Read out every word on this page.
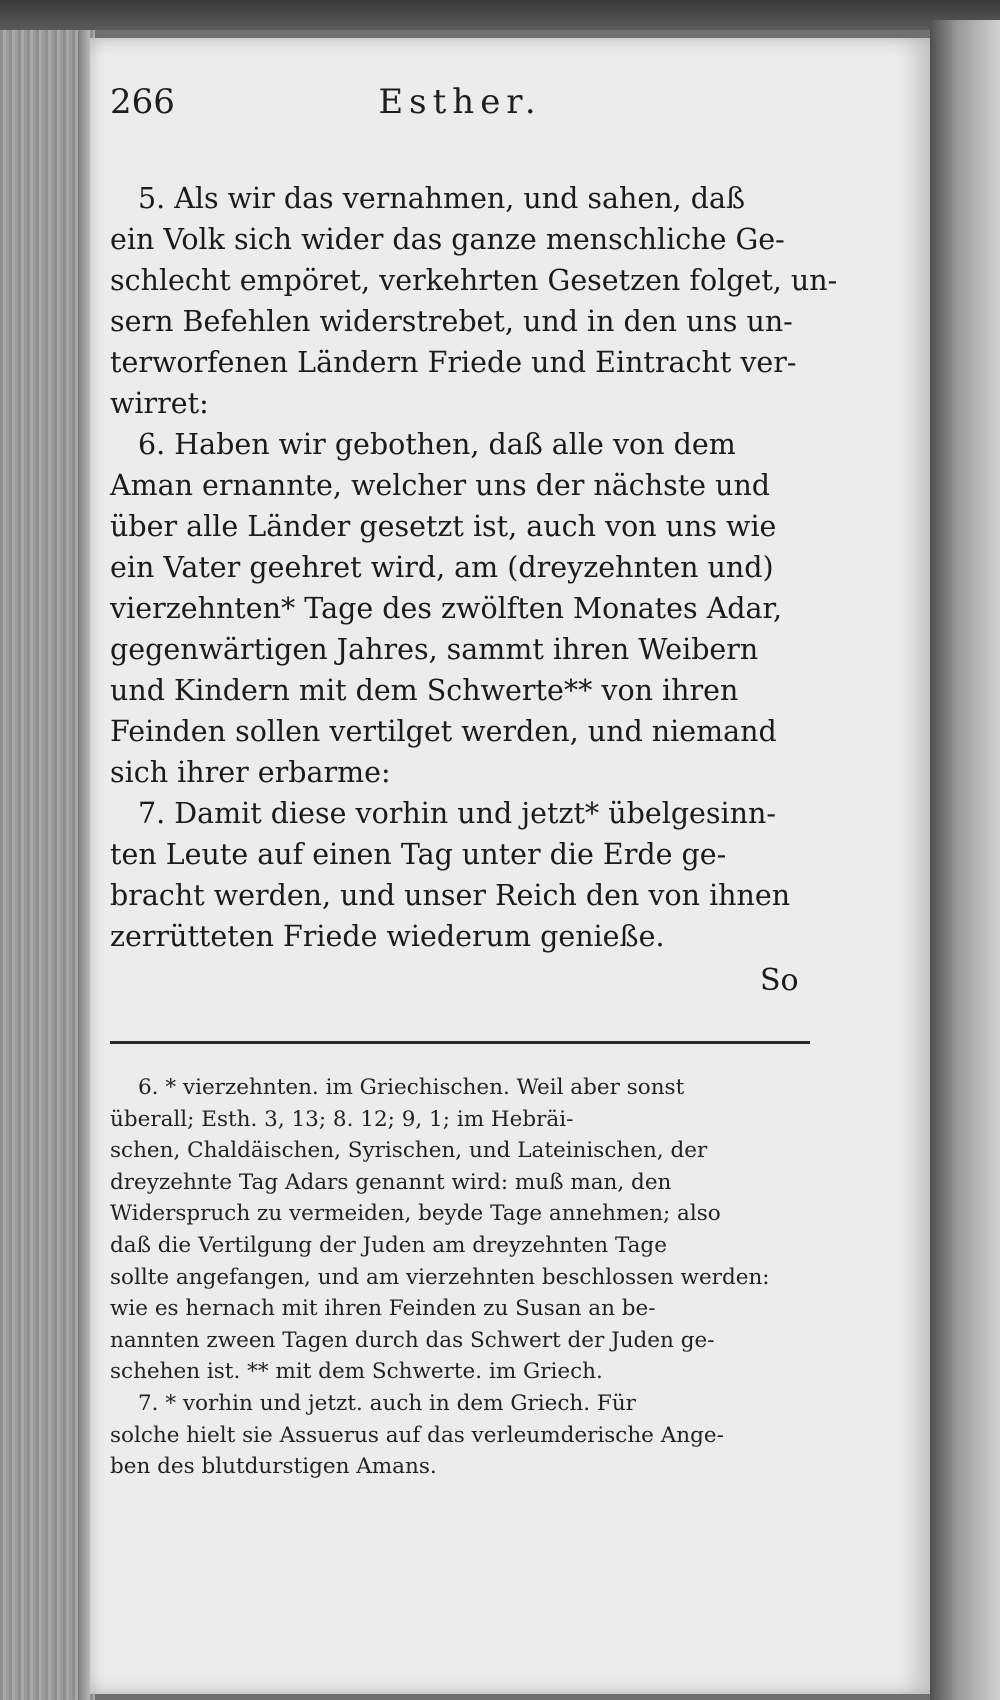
266	Esther.

5. Als wir das vernahmen, und sahen, daß
ein Volk sich wider das ganze menschliche Ge-
schlecht empöret, verkehrten Gesetzen folget, un-
sern Befehlen widerstrebet, und in den uns un-
terworfenen Ländern Friede und Eintracht ver-
wirret:

6. Haben wir gebothen, daß alle von dem
Aman ernannte, welcher uns der nächste und
über alle Länder gesetzt ist, auch von uns wie
ein Vater geehret wird, am (dreyzehnten und)
vierzehnten* Tage des zwölften Monates Adar,
gegenwärtigen Jahres, sammt ihren Weibern
und Kindern mit dem Schwerte** von ihren
Feinden sollen vertilget werden, und niemand
sich ihrer erbarme:

7. Damit diese vorhin und jetzt* übelgesinn-
ten Leute auf einen Tag unter die Erde ge-
bracht werden, und unser Reich den von ihnen
zerrütteten Friede wiederum genieße.

So

6. * vierzehnten. im Griechischen. Weil aber sonst
überall; Esth. 3, 13; 8. 12; 9, 1; im Hebräi-
schen, Chaldäischen, Syrischen, und Lateinischen, der
dreyzehnte Tag Adars genannt wird: muß man, den
Widerspruch zu vermeiden, beyde Tage annehmen; also
daß die Vertilgung der Juden am dreyzehnten Tage
sollte angefangen, und am vierzehnten beschlossen werden:
wie es hernach mit ihren Feinden zu Susan an be-
nannten zween Tagen durch das Schwert der Juden ge-
schehen ist. ** mit dem Schwerte. im Griech.

7. * vorhin und jetzt. auch in dem Griech. Für
solche hielt sie Assuerus auf das verleumderische Ange-
ben des blutdurstigen Amans.
